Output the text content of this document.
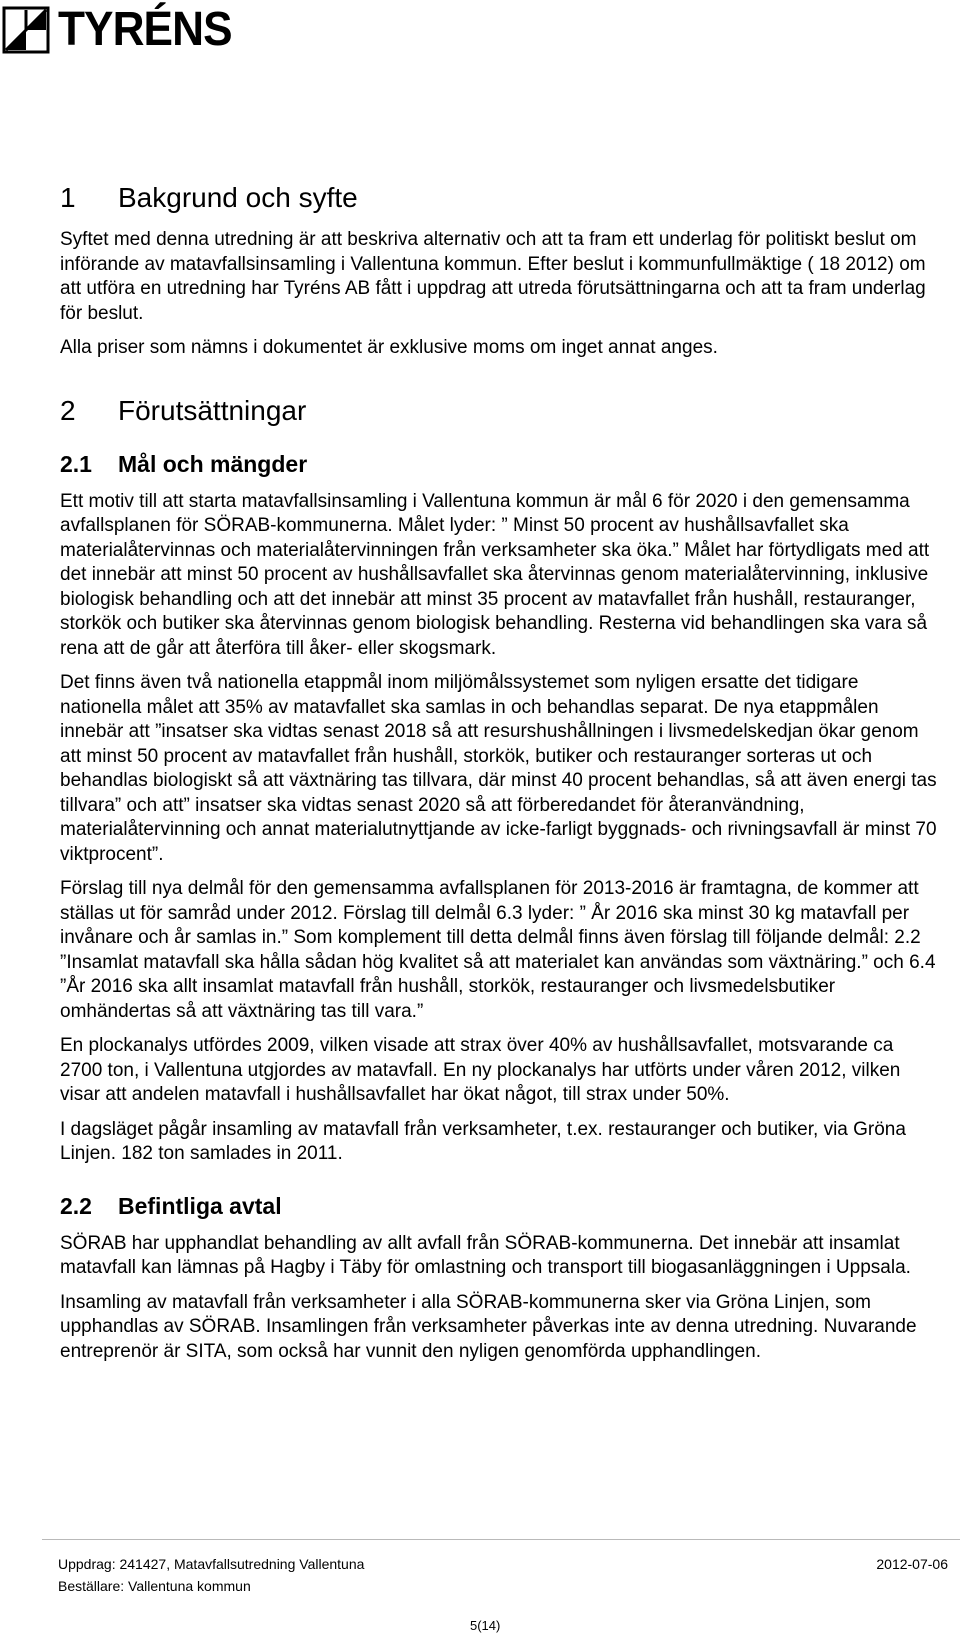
TYRÉNS
1	Bakgrund och syfte

Syftet med denna utredning är att beskriva alternativ och att ta fram ett underlag för politiskt beslut om införande av matavfallsinsamling i Vallentuna kommun. Efter beslut i kommunfullmäktige ( 18 2012) om att utföra en utredning har Tyréns AB fått i uppdrag att utreda förutsättningarna och att ta fram underlag för beslut.

Alla priser som nämns i dokumentet är exklusive moms om inget annat anges.

2	Förutsättningar
2.1	Mål och mängder

Ett motiv till att starta matavfallsinsamling i Vallentuna kommun är mål 6 för 2020 i den gemensamma avfallsplanen för SÖRAB-kommunerna. Målet lyder: ” Minst 50 procent av hushållsavfallet ska materialåtervinnas och materialåtervinningen från verksamheter ska öka.” Målet har förtydligats med att det innebär att minst 50 procent av hushållsavfallet ska återvinnas genom materialåtervinning, inklusive biologisk behandling och att det innebär att minst 35 procent av matavfallet från hushåll, restauranger, storkök och butiker ska återvinnas genom biologisk behandling. Resterna vid behandlingen ska vara så rena att de går att återföra till åker- eller skogsmark.

Det finns även två nationella etappmål inom miljömålssystemet som nyligen ersatte det tidigare nationella målet att 35% av matavfallet ska samlas in och behandlas separat. De nya etappmålen innebär att ”insatser ska vidtas senast 2018 så att resurshushållningen i livsmedelskedjan ökar genom att minst 50 procent av matavfallet från hushåll, storkök, butiker och restauranger sorteras ut och behandlas biologiskt så att växtnäring tas tillvara, där minst 40 procent behandlas, så att även energi tas tillvara” och att” insatser ska vidtas senast 2020 så att förberedandet för återanvändning, materialåtervinning och annat materialutnyttjande av icke-farligt byggnads- och rivningsavfall är minst 70 viktprocent”.

Förslag till nya delmål för den gemensamma avfallsplanen för 2013-2016 är framtagna, de kommer att ställas ut för samråd under 2012. Förslag till delmål 6.3 lyder: ” År 2016 ska minst 30 kg matavfall per invånare och år samlas in.” Som komplement till detta delmål finns även förslag till följande delmål: 2.2 ”Insamlat matavfall ska hålla sådan hög kvalitet så att materialet kan användas som växtnäring.” och 6.4 ”År 2016 ska allt insamlat matavfall från hushåll, storkök, restauranger och livsmedelsbutiker omhändertas så att växtnäring tas till vara.”

En plockanalys utfördes 2009, vilken visade att strax över 40% av hushållsavfallet, motsvarande ca 2700 ton, i Vallentuna utgjordes av matavfall. En ny plockanalys har utförts under våren 2012, vilken visar att andelen matavfall i hushållsavfallet har ökat något, till strax under 50%.

I dagsläget pågår insamling av matavfall från verksamheter, t.ex. restauranger och butiker, via Gröna Linjen. 182 ton samlades in 2011.

2.2	Befintliga avtal

SÖRAB har upphandlat behandling av allt avfall från SÖRAB-kommunerna. Det innebär att insamlat matavfall kan lämnas på Hagby i Täby för omlastning och transport till biogasanläggningen i Uppsala.

Insamling av matavfall från verksamheter i alla SÖRAB-kommunerna sker via Gröna Linjen, som upphandlas av SÖRAB. Insamlingen från verksamheter påverkas inte av denna utredning. Nuvarande entreprenör är SITA, som också har vunnit den nyligen genomförda upphandlingen.

Uppdrag: 241427, Matavfallsutredning Vallentuna	2012-07-06
Beställare: Vallentuna kommun
5(14)
